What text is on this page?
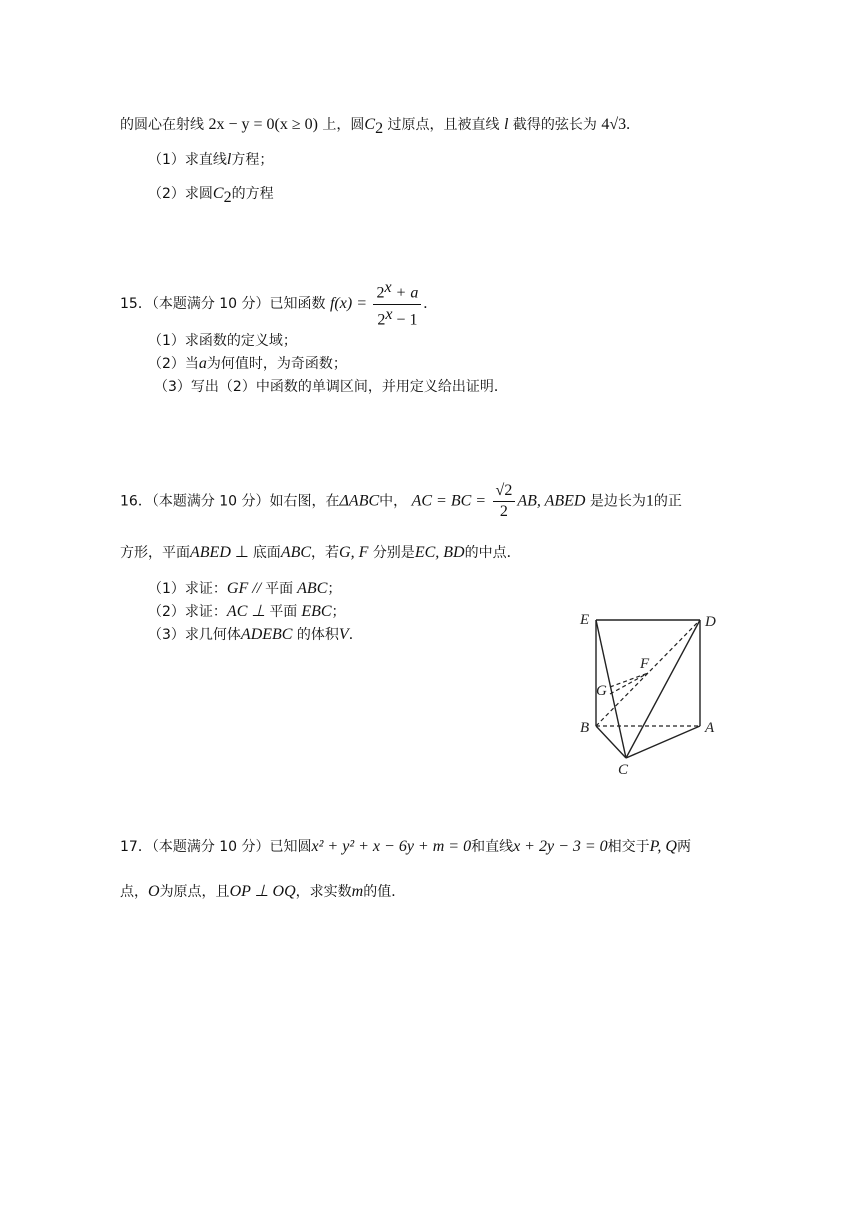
的圆心在射线 2x − y = 0(x ≥ 0) 上，圆$C_2$ 过原点，且被直线 l 截得的弦长为 4√3.
（1）求直线l方程；
（2）求圆$C_2$的方程
15．（本题满分 10 分）已知函数 $f(x) = \frac{2^x + a}{2^x - 1}$ .
（1）求函数的定义域；
（2）当a为何值时，为奇函数；
（3）写出（2）中函数的单调区间，并用定义给出证明．
16．（本题满分 10 分）如右图，在ΔABC中， AC = BC = $\frac{√2}{2}$ AB, ABED 是边长为1的正
方形，平面ABED ⊥ 底面ABC，若G, F 分别是EC, BD的中点．
（1）求证：GF // 平面 ABC；
（2）求证：AC ⊥ 平面 EBC；
（3）求几何体ADEBC 的体积V．
E	D
F
G
B	A
C
17．（本题满分 10 分）已知圆x² + y² + x − 6y + m = 0和直线x + 2y − 3 = 0相交于P, Q两
点，O为原点，且OP ⊥ OQ，求实数m的值．
